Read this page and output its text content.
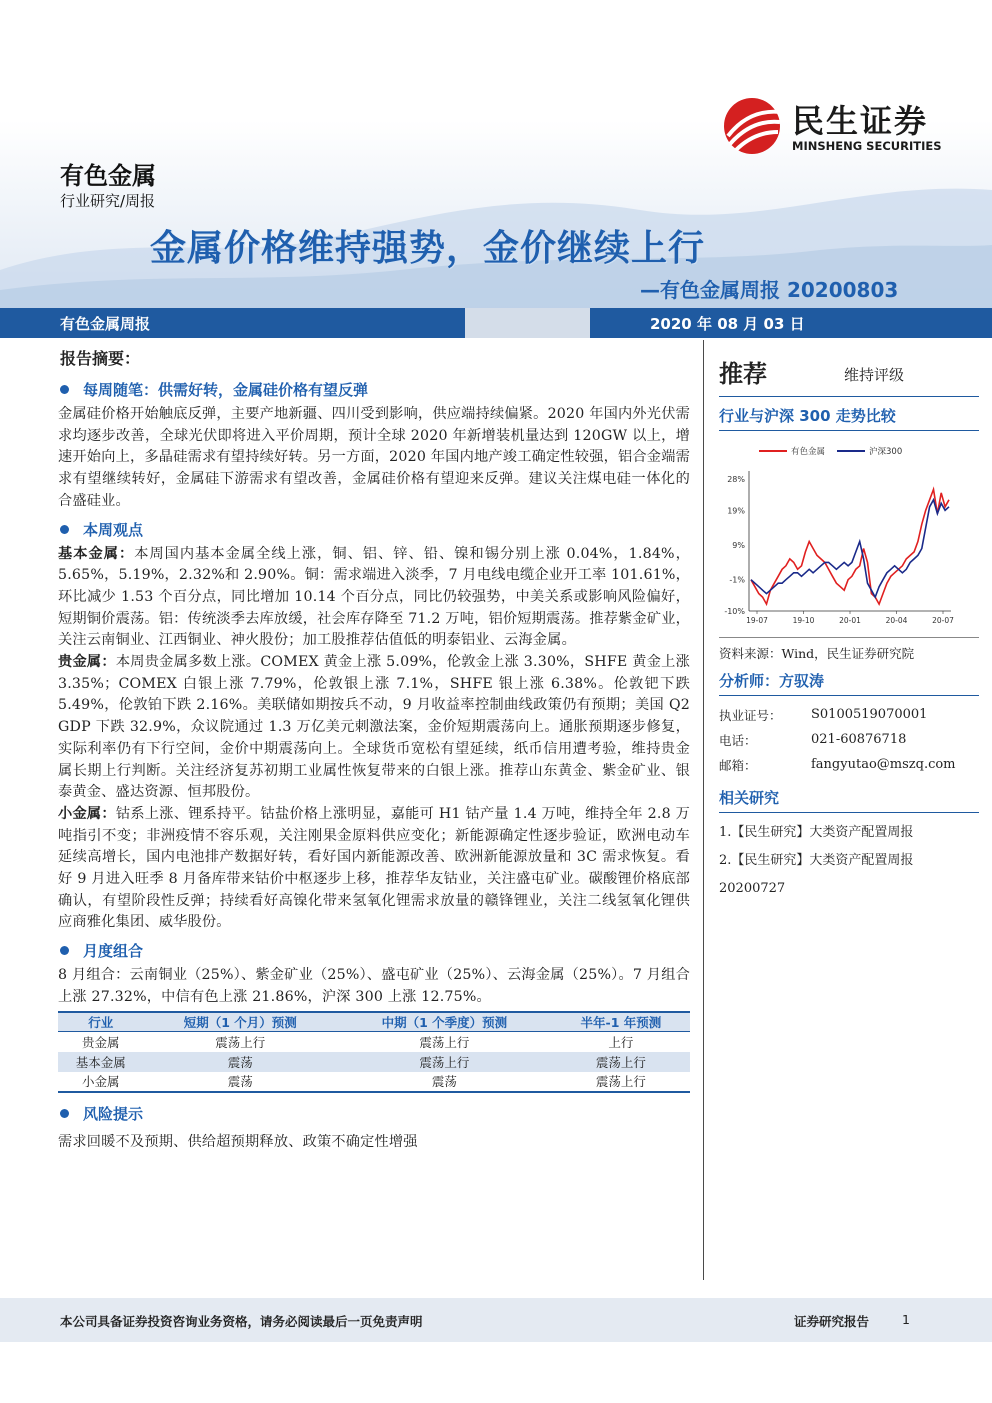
民生证券
MINSHENG SECURITIES
有色金属
行业研究/周报
金属价格维持强势，金价继续上行
—有色金属周报 20200803
有色金属周报	2020 年 08 月 03 日
报告摘要：
每周随笔：供需好转，金属硅价格有望反弹

金属硅价格开始触底反弹，主要产地新疆、四川受到影响，供应端持续偏紧。2020 年国内外光伏需求均逐步改善，全球光伏即将进入平价周期，预计全球 2020 年新增装机量达到 120GW 以上，增速开始向上，多晶硅需求有望持续好转。另一方面，2020 年国内地产竣工确定性较强，铝合金端需求有望继续转好，金属硅下游需求有望改善，金属硅价格有望迎来反弹。建议关注煤电硅一体化的合盛硅业。

本周观点

基本金属：本周国内基本金属全线上涨，铜、铝、锌、铅、镍和锡分别上涨 0.04%，1.84%，5.65%，5.19%，2.32%和 2.90%。铜：需求端进入淡季，7 月电线电缆企业开工率 101.61%，环比减少 1.53 个百分点，同比增加 10.14 个百分点，同比仍较强势，中美关系或影响风险偏好，短期铜价震荡。铝：传统淡季去库放缓，社会库存降至 71.2 万吨，铝价短期震荡。推荐紫金矿业，关注云南铜业、江西铜业、神火股份；加工股推荐估值低的明泰铝业、云海金属。

贵金属：本周贵金属多数上涨。COMEX 黄金上涨 5.09%，伦敦金上涨 3.30%，SHFE 黄金上涨 3.35%；COMEX 白银上涨 7.79%，伦敦银上涨 7.1%，SHFE 银上涨 6.38%。伦敦钯下跌 5.49%，伦敦铂下跌 2.16%。美联储如期按兵不动，9 月收益率控制曲线政策仍有预期；美国 Q2 GDP 下跌 32.9%，众议院通过 1.3 万亿美元刺激法案，金价短期震荡向上。通胀预期逐步修复，实际利率仍有下行空间，金价中期震荡向上。全球货币宽松有望延续，纸币信用遭考验，维持贵金属长期上行判断。关注经济复苏初期工业属性恢复带来的白银上涨。推荐山东黄金、紫金矿业、银泰黄金、盛达资源、恒邦股份。

小金属：钴系上涨、锂系持平。钴盐价格上涨明显，嘉能可 H1 钴产量 1.4 万吨，维持全年 2.8 万吨指引不变；非洲疫情不容乐观，关注刚果金原料供应变化；新能源确定性逐步验证，欧洲电动车延续高增长，国内电池排产数据好转，看好国内新能源改善、欧洲新能源放量和 3C 需求恢复。看好 9 月进入旺季 8 月备库带来钴价中枢逐步上移，推荐华友钴业，关注盛屯矿业。碳酸锂价格底部确认，有望阶段性反弹；持续看好高镍化带来氢氧化锂需求放量的赣锋锂业，关注二线氢氧化锂供应商雅化集团、威华股份。

月度组合

8 月组合：云南铜业（25%）、紫金矿业（25%）、盛屯矿业（25%）、云海金属（25%）。7 月组合上涨 27.32%，中信有色上涨 21.86%，沪深 300 上涨 12.75%。

行业	短期（1 个月）预测	中期（1 个季度）预测	半年-1 年预测
贵金属	震荡上行	震荡上行	上行
基本金属	震荡	震荡上行	震荡上行
小金属	震荡	震荡	震荡上行
风险提示

需求回暖不及预期、供给超预期释放、政策不确定性增强

推荐	维持评级
行业与沪深 300 走势比较
有色金属	沪深300
28%
19%
9%
-1%
-10%
19-07	19-10	20-01	20-04	20-07
资料来源：Wind，民生证券研究院
分析师：方驭涛
执业证号：	S0100519070001
电话：	021-60876718
邮箱：	fangyutao@mszq.com
相关研究
1.【民生研究】大类资产配置周报
2.【民生研究】大类资产配置周报 20200727
本公司具备证券投资咨询业务资格，请务必阅读最后一页免责声明	证券研究报告	1
